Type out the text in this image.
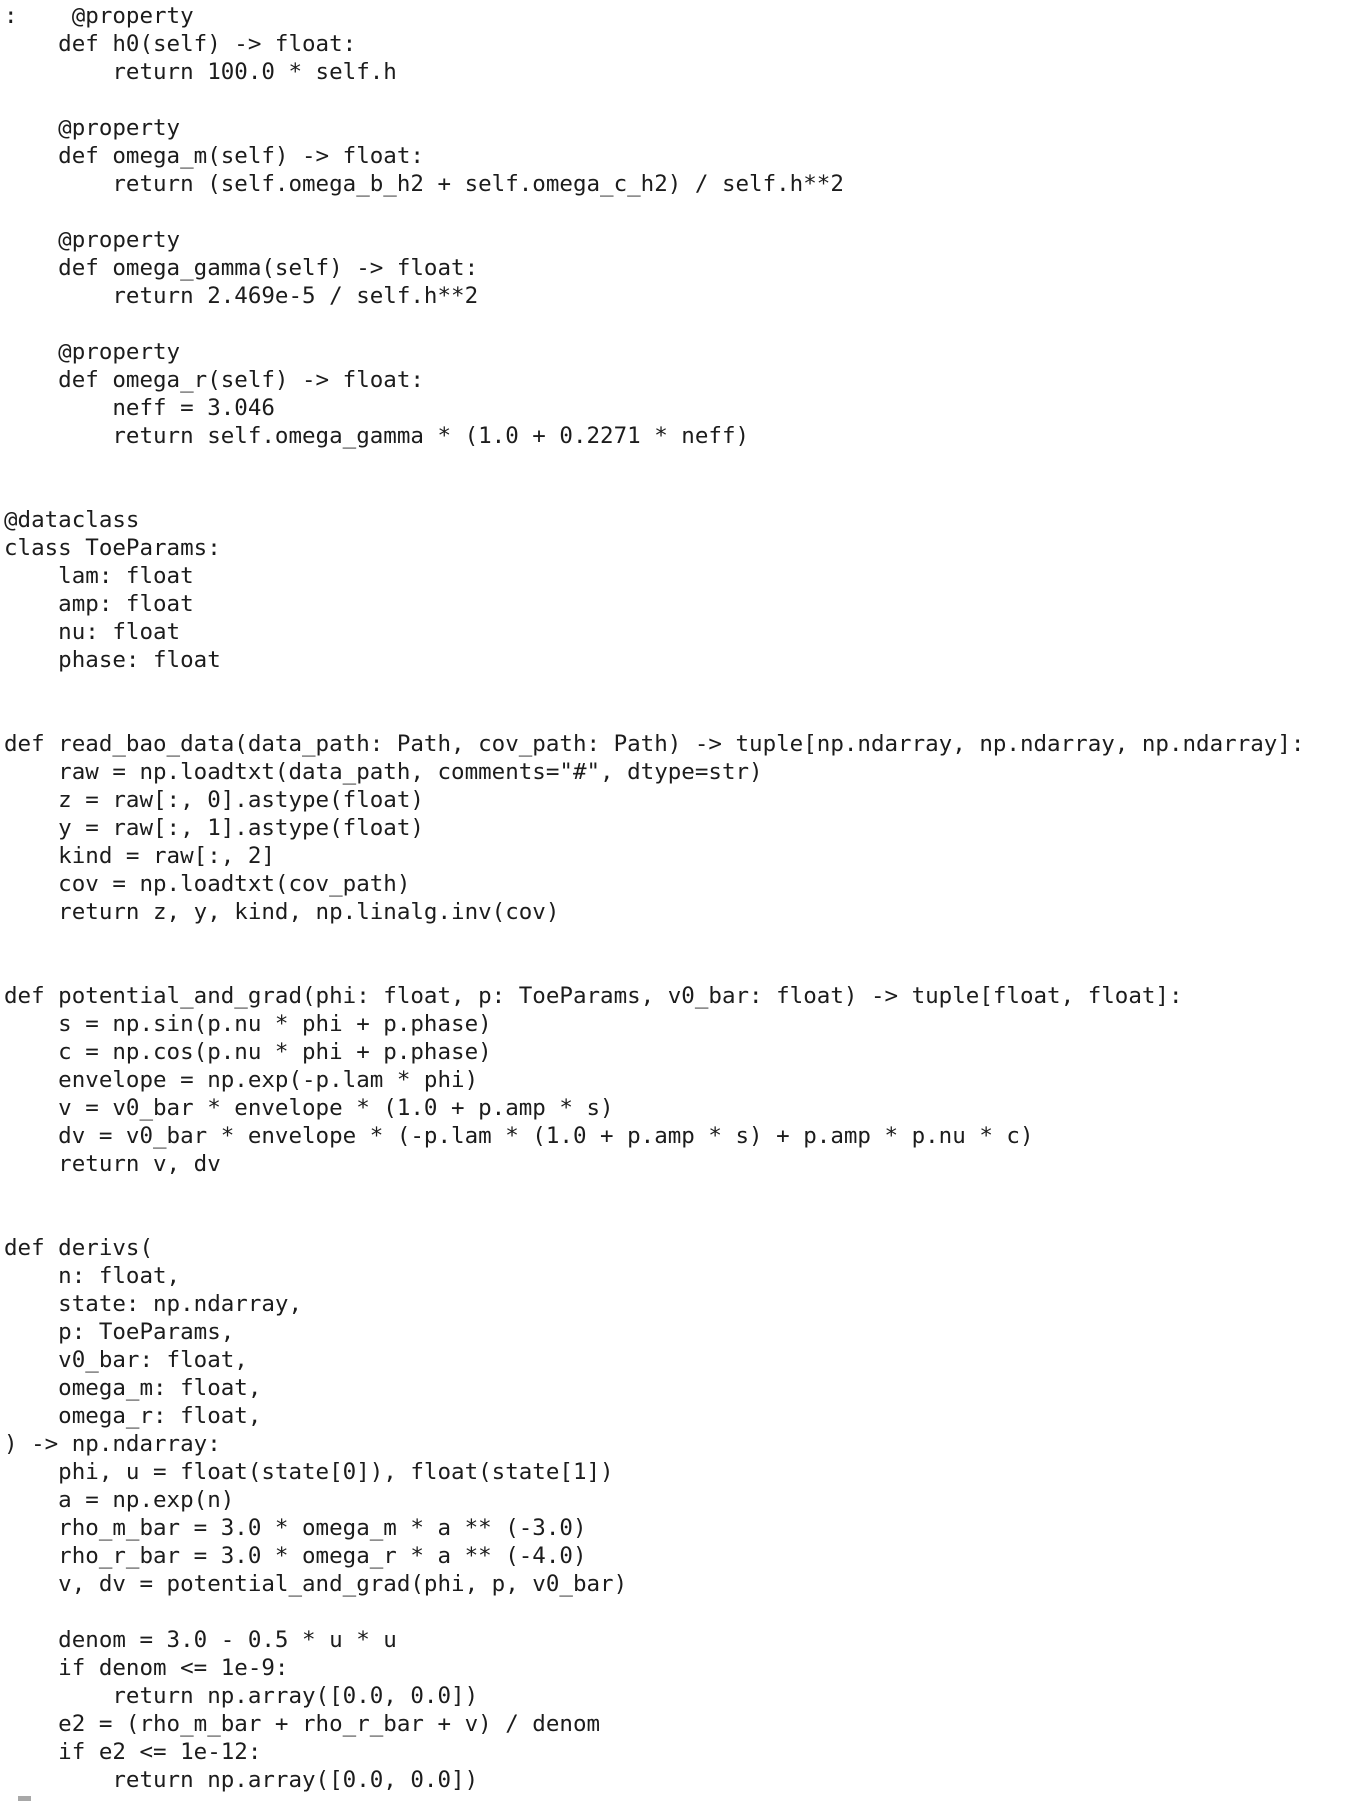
:    @property
def h0(self) -> float:
return 100.0 * self.h
@property
def omega_m(self) -> float:
return (self.omega_b_h2 + self.omega_c_h2) / self.h**2
@property
def omega_gamma(self) -> float:
return 2.469e-5 / self.h**2
@property
def omega_r(self) -> float:
neff = 3.046
return self.omega_gamma * (1.0 + 0.2271 * neff)
@dataclass
class ToeParams:
lam: float
amp: float
nu: float
phase: float
def read_bao_data(data_path: Path, cov_path: Path) -> tuple[np.ndarray, np.ndarray, np.ndarray]:
raw = np.loadtxt(data_path, comments="#", dtype=str)
z = raw[:, 0].astype(float)
y = raw[:, 1].astype(float)
kind = raw[:, 2]
cov = np.loadtxt(cov_path)
return z, y, kind, np.linalg.inv(cov)
def potential_and_grad(phi: float, p: ToeParams, v0_bar: float) -> tuple[float, float]:
s = np.sin(p.nu * phi + p.phase)
c = np.cos(p.nu * phi + p.phase)
envelope = np.exp(-p.lam * phi)
v = v0_bar * envelope * (1.0 + p.amp * s)
dv = v0_bar * envelope * (-p.lam * (1.0 + p.amp * s) + p.amp * p.nu * c)
return v, dv
def derivs(
n: float,
state: np.ndarray,
p: ToeParams,
v0_bar: float,
omega_m: float,
omega_r: float,
) -> np.ndarray:
phi, u = float(state[0]), float(state[1])
a = np.exp(n)
rho_m_bar = 3.0 * omega_m * a ** (-3.0)
rho_r_bar = 3.0 * omega_r * a ** (-4.0)
v, dv = potential_and_grad(phi, p, v0_bar)
denom = 3.0 - 0.5 * u * u
if denom <= 1e-9:
return np.array([0.0, 0.0])
e2 = (rho_m_bar + rho_r_bar + v) / denom
if e2 <= 1e-12:
return np.array([0.0, 0.0])
